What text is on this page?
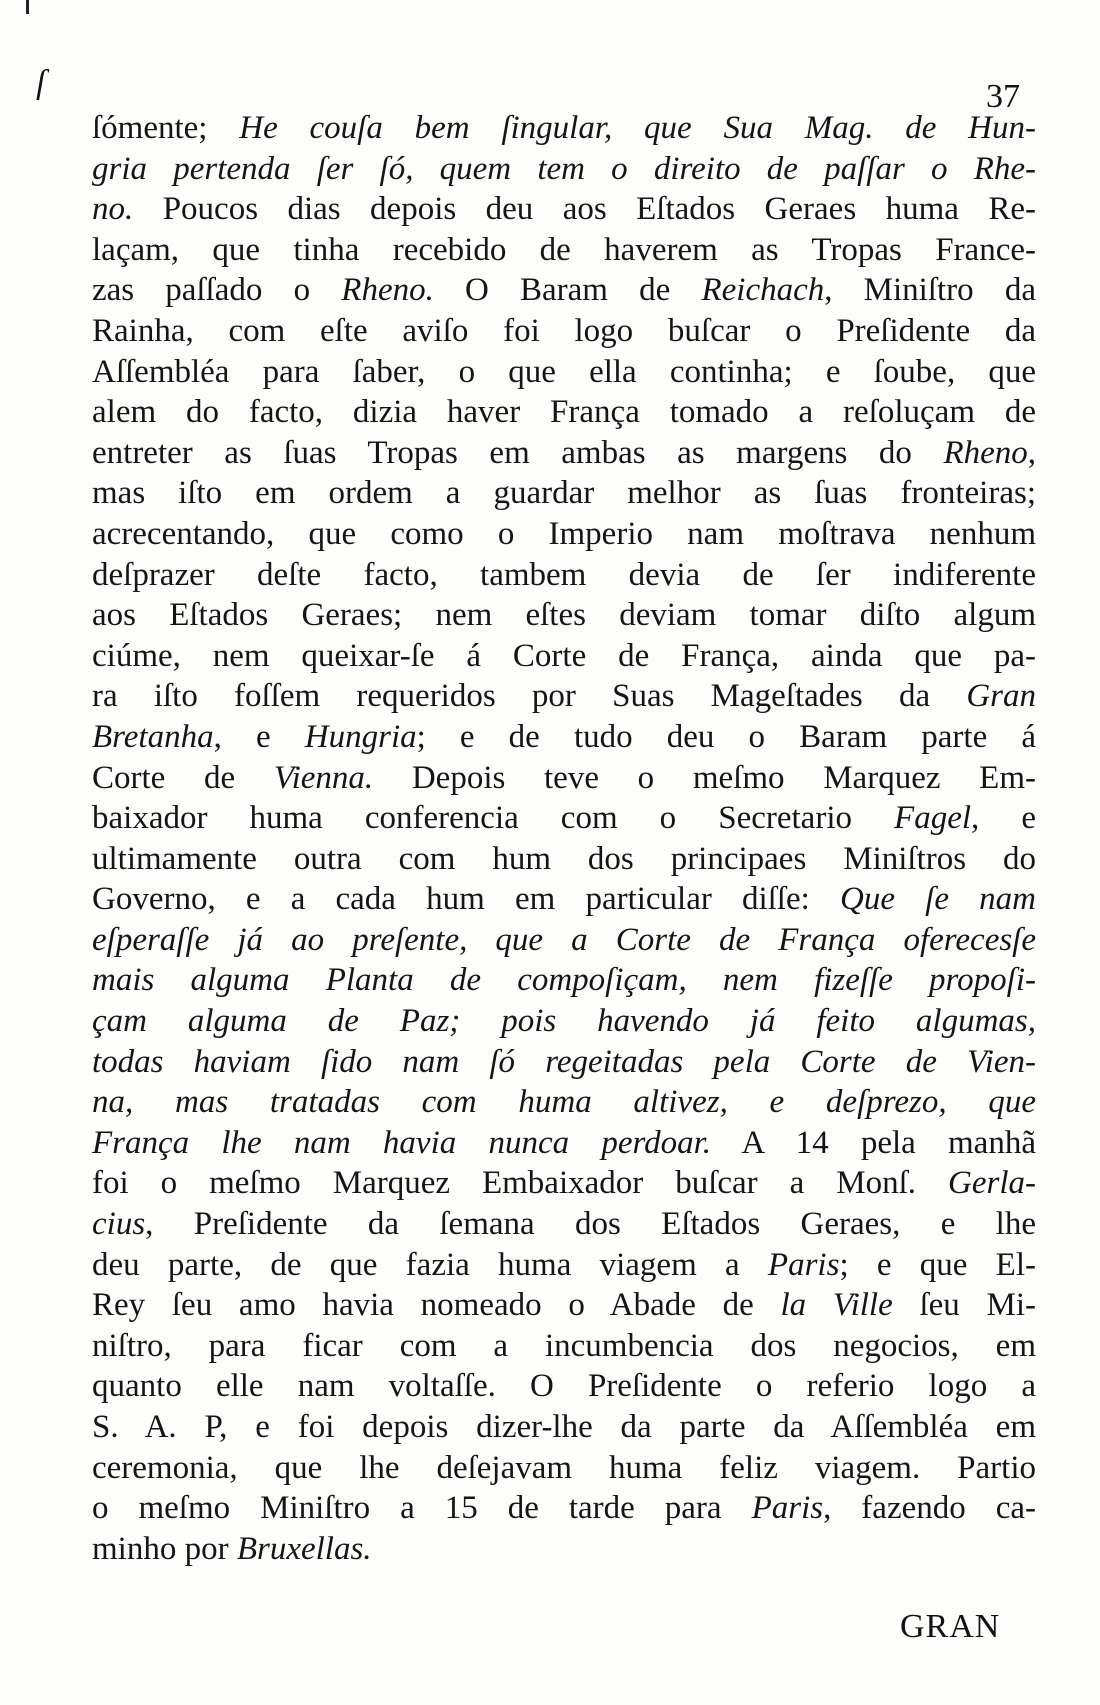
ſ	37
ſómente; He couſa bem ſingular, que Sua Mag. de Hun-
gria pertenda ſer ſó, quem tem o direito de paſſar o Rhe-
no. Poucos dias depois deu aos Eſtados Geraes huma Re-
laçam, que tinha recebido de haverem as Tropas France-
zas paſſado o Rheno. O Baram de Reichach, Miniſtro da
Rainha, com eſte aviſo foi logo buſcar o Preſidente da
Aſſembléa para ſaber, o que ella continha; e ſoube, que
alem do facto, dizia haver França tomado a reſoluçam de
entreter as ſuas Tropas em ambas as margens do Rheno,
mas iſto em ordem a guardar melhor as ſuas fronteiras;
acrecentando, que como o Imperio nam moſtrava nenhum
deſprazer deſte facto, tambem devia de ſer indiferente
aos Eſtados Geraes; nem eſtes deviam tomar diſto algum
ciúme, nem queixar-ſe á Corte de França, ainda que pa-
ra iſto foſſem requeridos por Suas Mageſtades da Gran
Bretanha, e Hungria; e de tudo deu o Baram parte á
Corte de Vienna. Depois teve o meſmo Marquez Em-
baixador huma conferencia com o Secretario Fagel, e
ultimamente outra com hum dos principaes Miniſtros do
Governo, e a cada hum em particular diſſe: Que ſe nam
eſperaſſe já ao preſente, que a Corte de França oferecesſe
mais alguma Planta de compoſiçam, nem fizeſſe propoſi-
çam alguma de Paz; pois havendo já feito algumas,
todas haviam ſido nam ſó regeitadas pela Corte de Vien-
na, mas tratadas com huma altivez, e deſprezo, que
França lhe nam havia nunca perdoar. A 14 pela manhã
foi o meſmo Marquez Embaixador buſcar a Monſ. Gerla-
cius, Preſidente da ſemana dos Eſtados Geraes, e lhe
deu parte, de que fazia huma viagem a Paris; e que El-
Rey ſeu amo havia nomeado o Abade de la Ville ſeu Mi-
niſtro, para ficar com a incumbencia dos negocios, em
quanto elle nam voltaſſe. O Preſidente o referio logo a
S. A. P, e foi depois dizer-lhe da parte da Aſſembléa em
ceremonia, que lhe deſejavam huma feliz viagem. Partio
o meſmo Miniſtro a 15 de tarde para Paris, fazendo ca-
minho por Bruxellas.
GRAN
